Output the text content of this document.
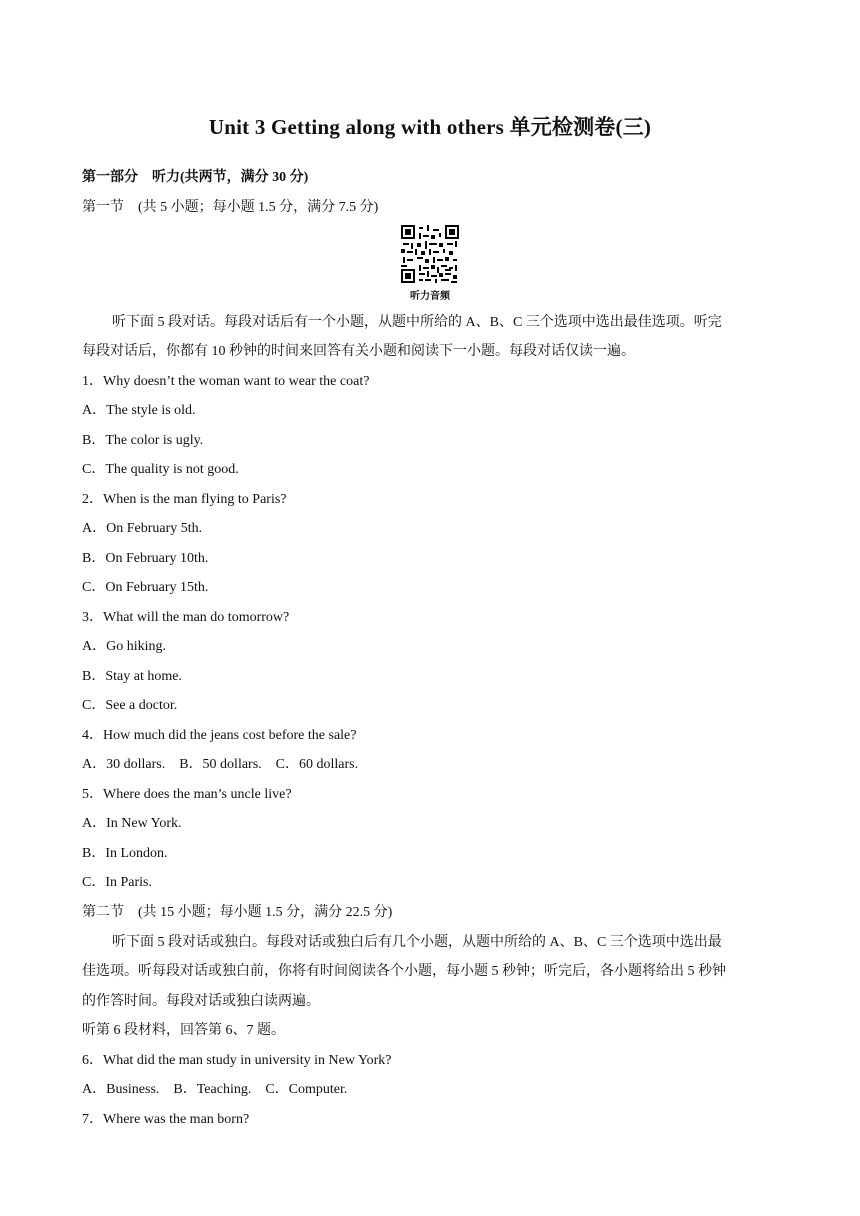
Unit 3 Getting along with others 单元检测卷(三)
第一部分　听力(共两节，满分 30 分)
第一节　(共 5 小题；每小题 1.5 分，满分 7.5 分)
听力音频
听下面 5 段对话。每段对话后有一个小题，从题中所给的 A、B、C 三个选项中选出最佳选项。听完
每段对话后，你都有 10 秒钟的时间来回答有关小题和阅读下一小题。每段对话仅读一遍。
1．Why doesn’t the woman want to wear the coat?
A．The style is old.
B．The color is ugly.
C．The quality is not good.
2．When is the man flying to Paris?
A．On February 5th.
B．On February 10th.
C．On February 15th.
3．What will the man do tomorrow?
A．Go hiking.
B．Stay at home.
C．See a doctor.
4．How much did the jeans cost before the sale?
A．30 dollars.　B．50 dollars.　C．60 dollars.
5．Where does the man’s uncle live?
A．In New York.
B．In London.
C．In Paris.
第二节　(共 15 小题；每小题 1.5 分，满分 22.5 分)
听下面 5 段对话或独白。每段对话或独白后有几个小题，从题中所给的 A、B、C 三个选项中选出最
佳选项。听每段对话或独白前，你将有时间阅读各个小题，每小题 5 秒钟；听完后，各小题将给出 5 秒钟
的作答时间。每段对话或独白读两遍。
听第 6 段材料，回答第 6、7 题。
6．What did the man study in university in New York?
A．Business.　B．Teaching.　C．Computer.
7．Where was the man born?
